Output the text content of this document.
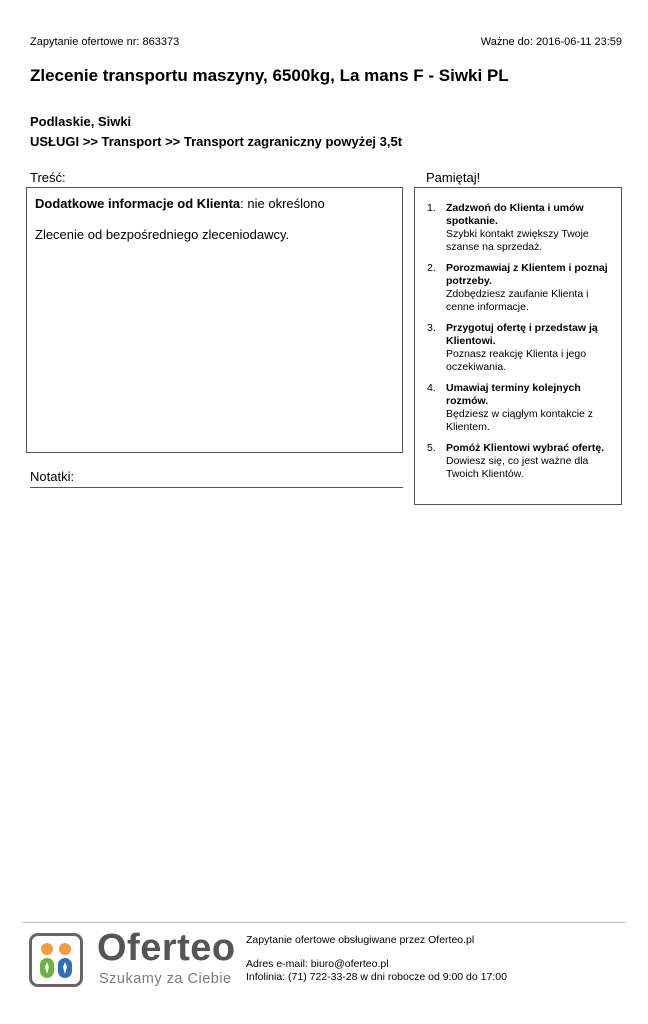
Zapytanie ofertowe nr: 863373	Ważne do: 2016-06-11 23:59
Zlecenie transportu maszyny, 6500kg, La mans F - Siwki PL
Podlaskie, Siwki
USŁUGI >> Transport >> Transport zagraniczny powyżej 3,5t
Treść:	Pamiętaj!

Dodatkowe informacje od Klienta: nie określono

Zlecenie od bezpośredniego zleceniodawcy.

Notatki:
1. Zadzwoń do Klienta i umów spotkanie.
Szybki kontakt zwiększy Twoje szanse na sprzedaż.
2. Porozmawiaj z Klientem i poznaj potrzeby.
Zdobędziesz zaufanie Klienta i cenne informacje.
3. Przygotuj ofertę i przedstaw ją Klientowi.
Poznasz reakcję Klienta i jego oczekiwania.
4. Umawiaj terminy kolejnych rozmów.
Będziesz w ciągłym kontakcie z Klientem.
5. Pomóż Klientowi wybrać ofertę.
Dowiesz się, co jest ważne dla Twoich Klientów.
Oferteo
Szukamy za Ciebie
Zapytanie ofertowe obsługiwane przez Oferteo.pl
Adres e-mail: biuro@oferteo.pl
Infolinia: (71) 722-33-28 w dni robocze od 9:00 do 17:00
